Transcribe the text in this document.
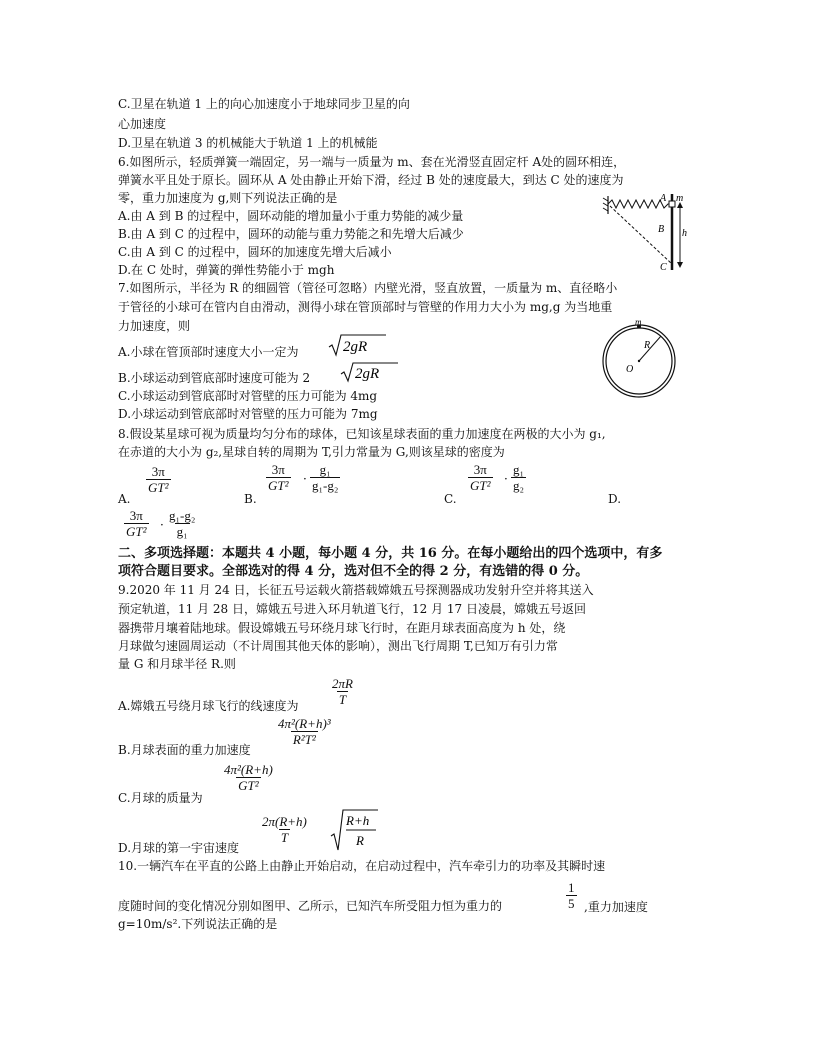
C.卫星在轨道 1 上的向心加速度小于地球同步卫星的向
心加速度
D.卫星在轨道 3 的机械能大于轨道 1 上的机械能
6.如图所示，轻质弹簧一端固定，另一端与一质量为 m、套在光滑竖直固定杆 A处的圆环相连，
弹簧水平且处于原长。圆环从 A 处由静止开始下滑，经过 B 处的速度最大，到达 C 处的速度为
零，重力加速度为 g,则下列说法正确的是
A.由 A 到 B 的过程中，圆环动能的增加量小于重力势能的减少量
B.由 A 到 C 的过程中，圆环的动能与重力势能之和先增大后减少
C.由 A 到 C 的过程中，圆环的加速度先增大后减小
D.在 C 处时，弹簧的弹性势能小于 mgh
A m
B h
C
7.如图所示，半径为 R 的细圆管（管径可忽略）内壁光滑，竖直放置，一质量为 m、直径略小
于管径的小球可在管内自由滑动，测得小球在管顶部时与管壁的作用力大小为 mg,g 为当地重
力加速度，则
A.小球在管顶部时速度大小一定为	2gR
B.小球运动到管底部时速度可能为 2	2gR
C.小球运动到管底部时对管壁的压力可能为 4mg
D.小球运动到管底部时对管壁的压力可能为 7mg
m
R
O
8.假设某星球可视为质量均匀分布的球体，已知该星球表面的重力加速度在两极的大小为 g₁,
在赤道的大小为 g₂,星球自转的周期为 T,引力常量为 G,则该星球的密度为
A.
$\frac{3\pi}{\text{GT²}}$
B.
$\frac{3\pi}{\text{GT²}} \cdot \frac{\text{g₁}}{\text{g₁-g₂}}$
C.
$\frac{3\pi}{\text{GT²}} \cdot \frac{\text{g₁}}{\text{g₂}}$
D.
$\frac{3\pi}{\text{GT²}} \cdot \frac{\text{g₁-g₂}}{\text{g₁}}$
二、多项选择题：本题共 4 小题，每小题 4 分，共 16 分。在每小题给出的四个选项中，有多
项符合题目要求。全部选对的得 4 分，选对但不全的得 2 分，有选错的得 0 分。
9.2020 年 11 月 24 日，长征五号运载火箭搭载嫦娥五号探测器成功发射升空并将其送入
预定轨道，11 月 28 日，嫦娥五号进入环月轨道飞行，12 月 17 日凌晨，嫦娥五号返回
器携带月壤着陆地球。假设嫦娥五号环绕月球飞行时，在距月球表面高度为 h 处，绕
月球做匀速圆周运动（不计周围其他天体的影响），测出飞行周期 T,已知万有引力常
量 G 和月球半径 R.则
A.嫦娥五号绕月球飞行的线速度为 $\frac{2\pi R}{T}$
B.月球表面的重力加速度
$\frac{\text{4π²(R+h)³}}{\text{R²T²}}$
C.月球的质量为
$\frac{\text{4π²(R+h)}}{\text{GT²}}$
D.月球的第一宇宙速度
$\frac{2\pi(R+h)}{T}$	R+h
R
10.一辆汽车在平直的公路上由静止开始启动，在启动过程中，汽车牵引力的功率及其瞬时速
度随时间的变化情况分别如图甲、乙所示，已知汽车所受阻力恒为重力的	$\frac{1}{5}$ ,重力加速度
g=10m/s².下列说法正确的是
